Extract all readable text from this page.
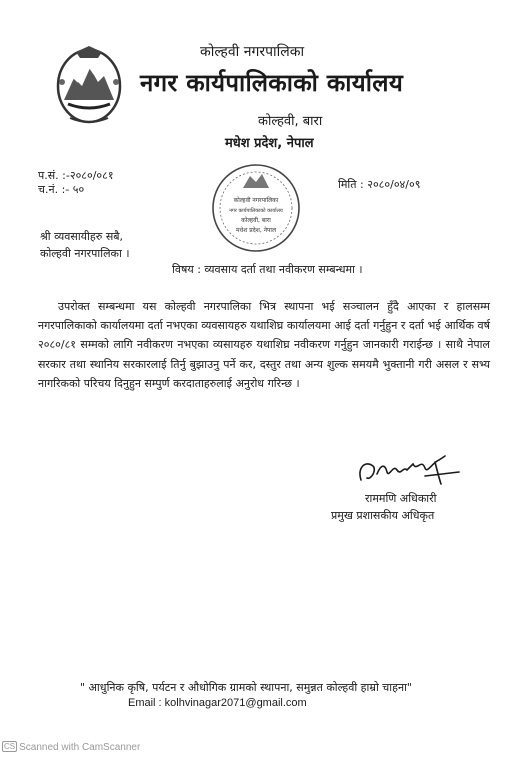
कोल्हवी नगरपालिका
नगर कार्यपालिकाको कार्यालय
कोल्हवी, बारा
मधेश प्रदेश, नेपाल
प.सं. :-२०८०/०८१
च.नं. :- ५०	मिति : २०८०/०४/०९
कोल्हवी नगरपालिका
नगर कार्यपालिकाको कार्यालय
कोल्हवी, बारा
मधेश प्रदेश, नेपाल
श्री व्यवसायीहरु सबै,
कोल्हवी नगरपालिका ।
विषय : व्यवसाय दर्ता तथा नवीकरण सम्बन्धमा ।

उपरोक्त सम्बन्धमा यस कोल्हवी नगरपालिका भित्र स्थापना भई सञ्चालन हुँदै आएका र हालसम्म नगरपालिकाको कार्यालयमा दर्ता नभएका व्यवसायहरु यथाशिघ्र कार्यालयमा आई दर्ता गर्नुहुन र दर्ता भई आर्थिक वर्ष २०८०/८१ सम्मको लागि नवीकरण नभएका व्यसायहरु यथाशिघ्र नवीकरण गर्नुहुन जानकारी गराईन्छ । साथै नेपाल सरकार तथा स्थानिय सरकारलाई तिर्नु बुझाउनु पर्ने कर, दस्तुर तथा अन्य शुल्क समयमै भुक्तानी गरी असल र सभ्य नागरिकको परिचय दिनुहुन सम्पुर्ण करदाताहरुलाई अनुरोध गरिन्छ ।

राममणि अधिकारी
प्रमुख प्रशासकीय अधिकृत
" आधुनिक कृषि, पर्यटन र औधोगिक ग्रामको स्थापना, समुन्नत कोल्हवी हाम्रो चाहना"
Email : kolhvinagar2071@gmail.com
CS Scanned with CamScanner
